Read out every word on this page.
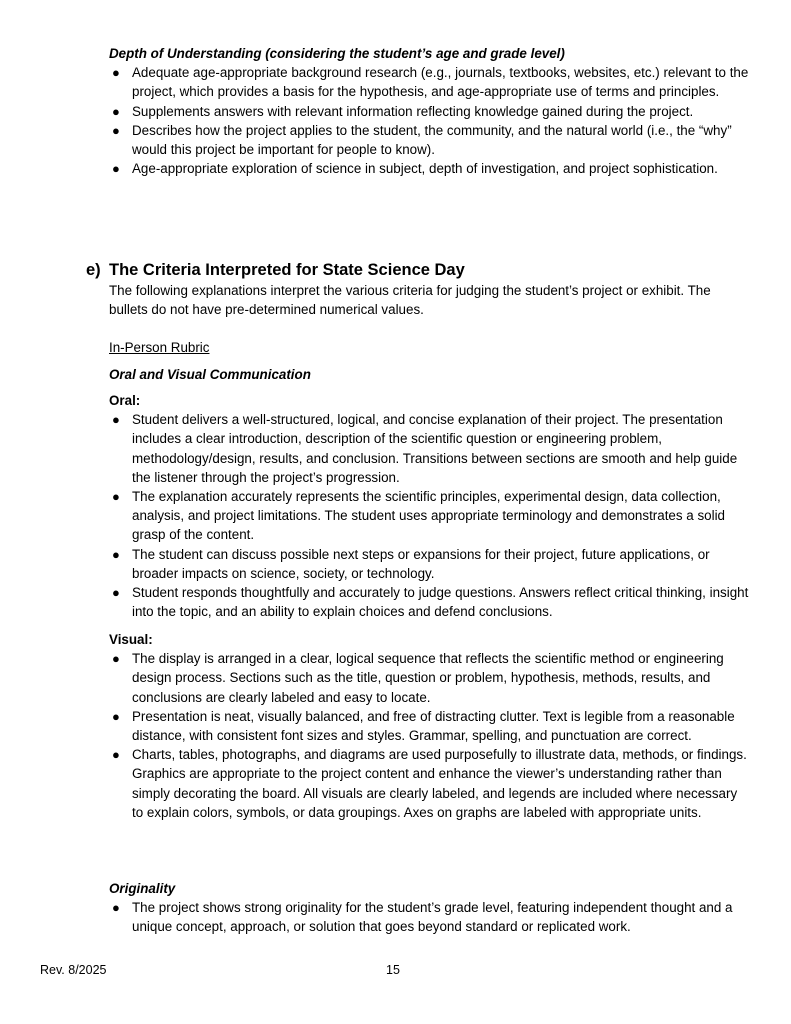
Depth of Understanding (considering the student’s age and grade level)
● Adequate age-appropriate background research (e.g., journals, textbooks, websites, etc.) relevant to the project, which provides a basis for the hypothesis, and age-appropriate use of terms and principles.
● Supplements answers with relevant information reflecting knowledge gained during the project.
● Describes how the project applies to the student, the community, and the natural world (i.e., the “why” would this project be important for people to know).
● Age-appropriate exploration of science in subject, depth of investigation, and project sophistication.
e) The Criteria Interpreted for State Science Day
The following explanations interpret the various criteria for judging the student’s project or exhibit. The bullets do not have pre-determined numerical values.
In-Person Rubric
Oral and Visual Communication
Oral:
● Student delivers a well-structured, logical, and concise explanation of their project. The presentation includes a clear introduction, description of the scientific question or engineering problem, methodology/design, results, and conclusion. Transitions between sections are smooth and help guide the listener through the project’s progression.
● The explanation accurately represents the scientific principles, experimental design, data collection, analysis, and project limitations. The student uses appropriate terminology and demonstrates a solid grasp of the content.
● The student can discuss possible next steps or expansions for their project, future applications, or broader impacts on science, society, or technology.
● Student responds thoughtfully and accurately to judge questions. Answers reflect critical thinking, insight into the topic, and an ability to explain choices and defend conclusions.
Visual:
● The display is arranged in a clear, logical sequence that reflects the scientific method or engineering design process. Sections such as the title, question or problem, hypothesis, methods, results, and conclusions are clearly labeled and easy to locate.
● Presentation is neat, visually balanced, and free of distracting clutter. Text is legible from a reasonable distance, with consistent font sizes and styles. Grammar, spelling, and punctuation are correct.
● Charts, tables, photographs, and diagrams are used purposefully to illustrate data, methods, or findings. Graphics are appropriate to the project content and enhance the viewer’s understanding rather than simply decorating the board. All visuals are clearly labeled, and legends are included where necessary to explain colors, symbols, or data groupings. Axes on graphs are labeled with appropriate units.
Originality
● The project shows strong originality for the student’s grade level, featuring independent thought and a unique concept, approach, or solution that goes beyond standard or replicated work.
Rev. 8/2025	15
